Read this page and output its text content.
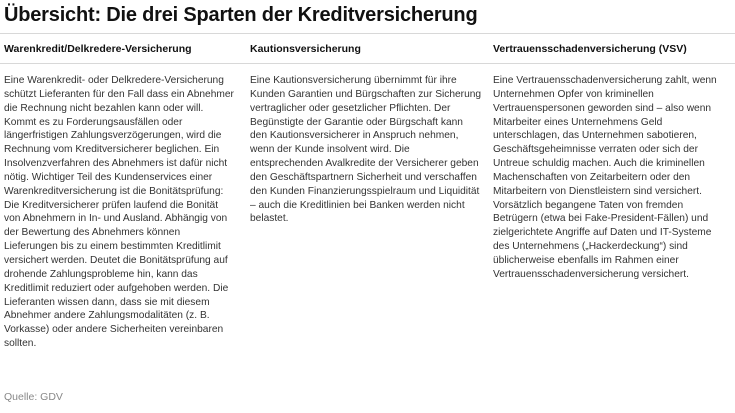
Übersicht: Die drei Sparten der Kreditversicherung
Warenkredit/Delkredere-Versicherung	Kautionsversicherung	Vertrauensschadenversicherung (VSV)
Eine Warenkredit- oder Delkredere-Versicherung schützt Lieferanten für den Fall dass ein Abnehmer die Rechnung nicht bezahlen kann oder will. Kommt es zu Forderungsausfällen oder längerfristigen Zahlungsverzögerungen, wird die Rechnung vom Kreditversicherer beglichen. Ein Insolvenzverfahren des Abnehmers ist dafür nicht nötig. Wichtiger Teil des Kundenservices einer Warenkreditversicherung ist die Bonitätsprüfung: Die Kreditversicherer prüfen laufend die Bonität von Abnehmern in In- und Ausland. Abhängig von der Bewertung des Abnehmers können Lieferungen bis zu einem bestimmten Kreditlimit versichert werden. Deutet die Bonitätsprüfung auf drohende Zahlungsprobleme hin, kann das Kreditlimit reduziert oder aufgehoben werden. Die Lieferanten wissen dann, dass sie mit diesem Abnehmer andere Zahlungsmodalitäten (z. B. Vorkasse) oder andere Sicherheiten vereinbaren sollten.
Eine Kautionsversicherung übernimmt für ihre Kunden Garantien und Bürgschaften zur Sicherung vertraglicher oder gesetzlicher Pflichten. Der Begünstigte der Garantie oder Bürgschaft kann den Kautionsversicherer in Anspruch nehmen, wenn der Kunde insolvent wird. Die entsprechenden Avalkredite der Versicherer geben den Geschäftspartnern Sicherheit und verschaffen den Kunden Finanzierungsspielraum und Liquidität – auch die Kreditlinien bei Banken werden nicht belastet.
Eine Vertrauensschadenversicherung zahlt, wenn Unternehmen Opfer von kriminellen Vertrauenspersonen geworden sind – also wenn Mitarbeiter eines Unternehmens Geld unterschlagen, das Unternehmen sabotieren, Geschäftsgeheimnisse verraten oder sich der Untreue schuldig machen. Auch die kriminellen Machenschaften von Zeitarbeitern oder den Mitarbeitern von Dienstleistern sind versichert. Vorsätzlich begangene Taten von fremden Betrügern (etwa bei Fake-President-Fällen) und zielgerichtete Angriffe auf Daten und IT-Systeme des Unternehmens („Hackerdeckung“) sind üblicherweise ebenfalls im Rahmen einer Vertrauensschadenversicherung versichert.
Quelle: GDV
